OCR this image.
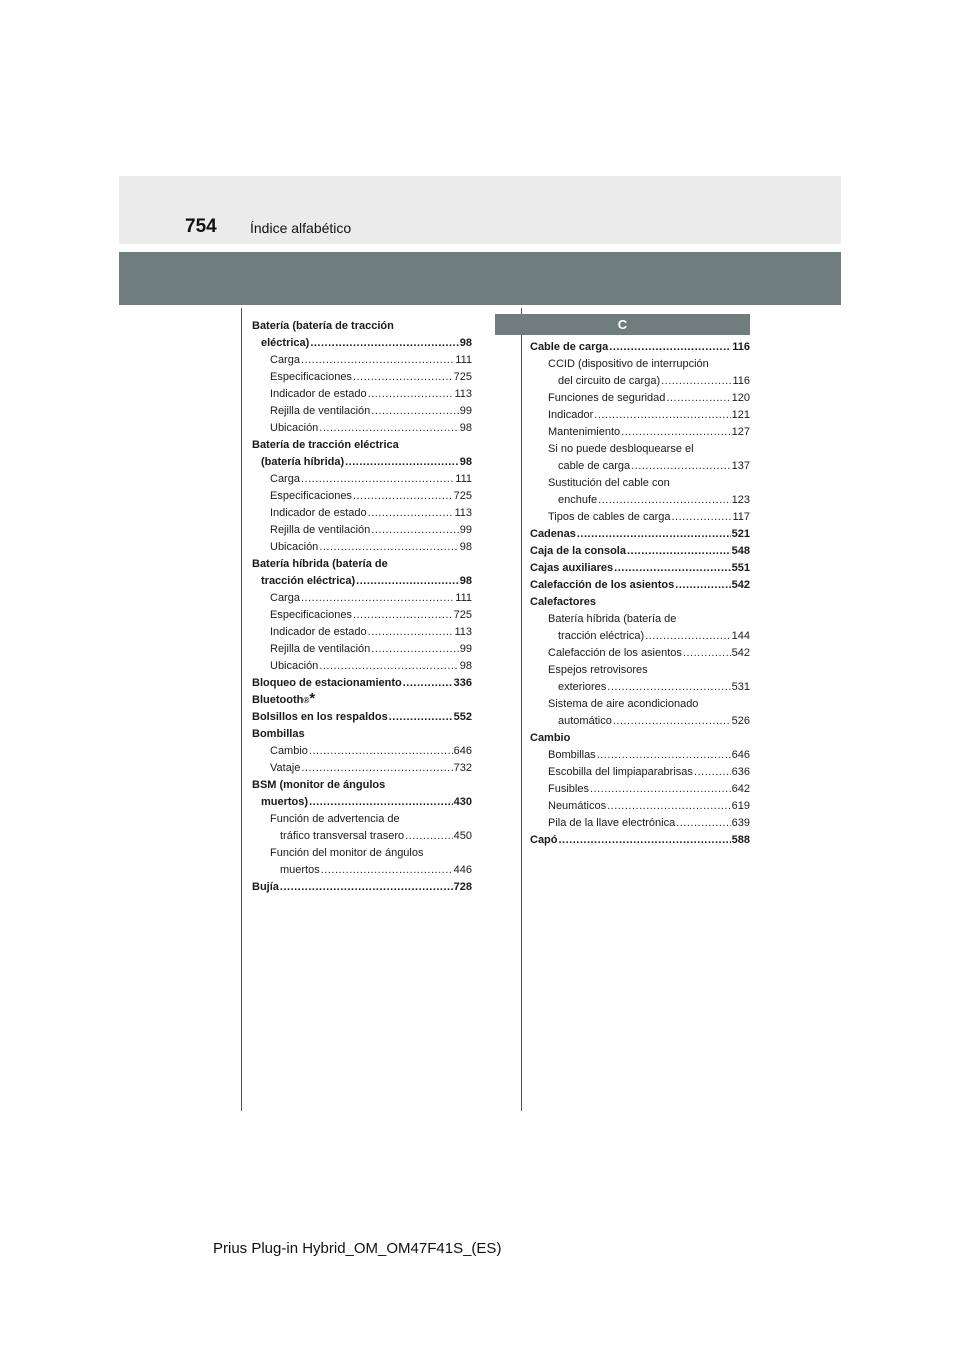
754 Índice alfabético
C
Batería (batería de tracción
eléctrica) .....	98
Carga .....	111
Especificaciones .....	725
Indicador de estado .....	113
Rejilla de ventilación .....	99
Ubicación .....	98
Batería de tracción eléctrica
(batería híbrida) .....	98
Carga .....	111
Especificaciones .....	725
Indicador de estado .....	113
Rejilla de ventilación .....	99
Ubicación .....	98
Batería híbrida (batería de
tracción eléctrica) .....	98
Carga .....	111
Especificaciones .....	725
Indicador de estado .....	113
Rejilla de ventilación .....	99
Ubicación .....	98
Bloqueo de estacionamiento .....	336
Bluetooth ® *
Bolsillos en los respaldos .....	552
Bombillas
Cambio .....	646
Vataje .....	732
BSM (monitor de ángulos
muertos) .....	430
Función de advertencia de
tráfico transversal trasero .....	450
Función del monitor de ángulos
muertos .....	446
Bujía .....	728
Cable de carga .....	116
CCID (dispositivo de interrupción
del circuito de carga) .....	116
Funciones de seguridad .....	120
Indicador .....	121
Mantenimiento .....	127
Si no puede desbloquearse el
cable de carga .....	137
Sustitución del cable con
enchufe .....	123
Tipos de cables de carga .....	117
Cadenas .....	521
Caja de la consola .....	548
Cajas auxiliares .....	551
Calefacción de los asientos .....	542
Calefactores
Batería híbrida (batería de
tracción eléctrica) .....	144
Calefacción de los asientos .....	542
Espejos retrovisores
exteriores .....	531
Sistema de aire acondicionado
automático .....	526
Cambio
Bombillas .....	646
Escobilla del limpiaparabrisas .....	636
Fusibles .....	642
Neumáticos .....	619
Pila de la llave electrónica .....	639
Capó .....	588
Prius Plug-in Hybrid_OM_OM47F41S_(ES)
